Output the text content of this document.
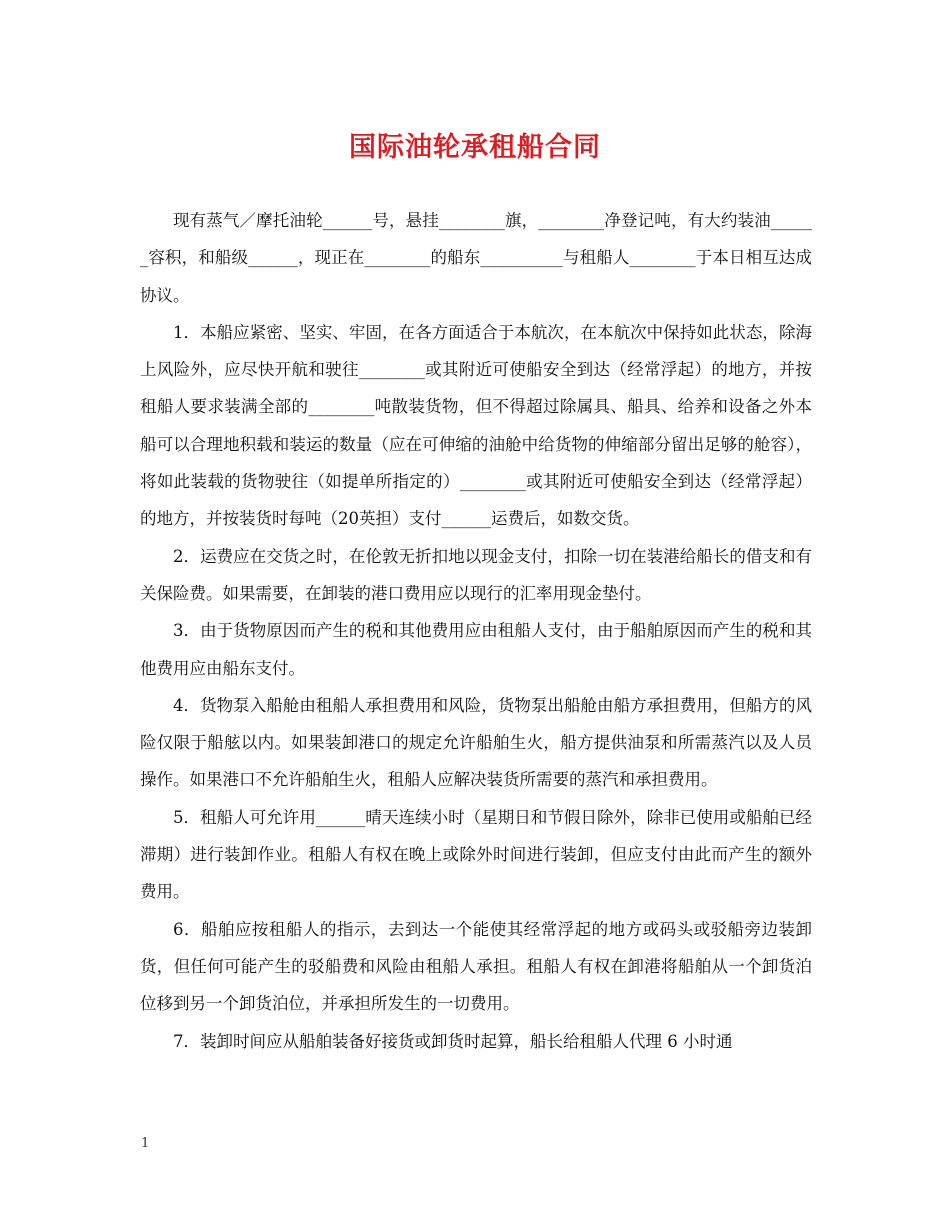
国际油轮承租船合同

现有蒸气／摩托油轮______号，悬挂________旗，________净登记吨，有大约装油______容积，和船级______，现正在________的船东__________与租船人________于本日相互达成协议。

1．本船应紧密、坚实、牢固，在各方面适合于本航次，在本航次中保持如此状态，除海上风险外，应尽快开航和驶往________或其附近可使船安全到达（经常浮起）的地方，并按租船人要求装满全部的________吨散装货物，但不得超过除属具、船具、给养和设备之外本船可以合理地积载和装运的数量（应在可伸缩的油舱中给货物的伸缩部分留出足够的舱容），将如此装载的货物驶往（如提单所指定的）________或其附近可使船安全到达（经常浮起）的地方，并按装货时每吨（20英担）支付______运费后，如数交货。

2．运费应在交货之时，在伦敦无折扣地以现金支付，扣除一切在装港给船长的借支和有关保险费。如果需要，在卸装的港口费用应以现行的汇率用现金垫付。

3．由于货物原因而产生的税和其他费用应由租船人支付，由于船舶原因而产生的税和其他费用应由船东支付。

4．货物泵入船舱由租船人承担费用和风险，货物泵出船舱由船方承担费用，但船方的风险仅限于船舷以内。如果装卸港口的规定允许船舶生火，船方提供油泵和所需蒸汽以及人员操作。如果港口不允许船舶生火，租船人应解决装货所需要的蒸汽和承担费用。

5．租船人可允许用______晴天连续小时（星期日和节假日除外，除非已使用或船舶已经滞期）进行装卸作业。租船人有权在晚上或除外时间进行装卸，但应支付由此而产生的额外费用。

6．船舶应按租船人的指示，去到达一个能使其经常浮起的地方或码头或驳船旁边装卸货，但任何可能产生的驳船费和风险由租船人承担。租船人有权在卸港将船舶从一个卸货泊位移到另一个卸货泊位，并承担所发生的一切费用。

7．装卸时间应从船舶装备好接货或卸货时起算，船长给租船人代理 6 小时通

1
